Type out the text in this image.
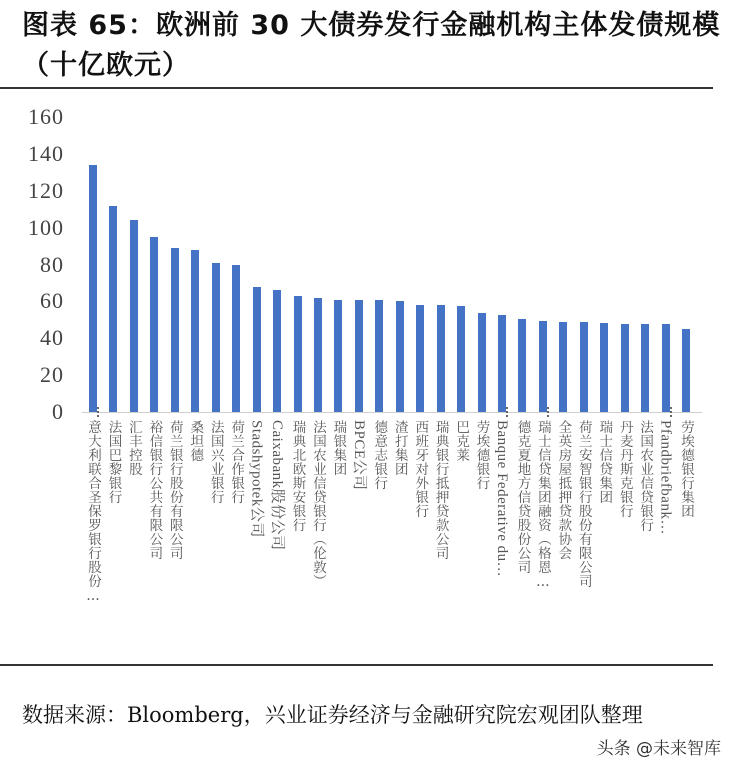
图表 65：欧洲前 30 大债券发行金融机构主体发债规模（十亿欧元）
0
20
40
60
80
100
120
140
160
意大利联合圣保罗银行股份… 法国巴黎银行 汇丰控股 裕信银行公共有限公司 荷兰银行股份有限公司 桑坦德 法国兴业银行 荷兰合作银行 Stadshypotek公司 Caixabank股份公司 瑞典北欧斯安银行 法国农业信贷银行（伦敦） 瑞银集团 BPCE公司 德意志银行 渣打集团 西班牙对外银行 瑞典银行抵押贷款公司 巴克莱 劳埃德银行 Banque Federative du… 德克夏地方信贷股份公司 瑞士信贷集团融资（格恩… 全英房屋抵押贷款协会 荷兰安智银行股份有限公司 瑞士信贷集团 丹麦丹斯克银行 法国农业信贷银行 Pfandbriefbank… 劳埃德银行集团
数据来源：Bloomberg，兴业证券经济与金融研究院宏观团队整理
头条 @未来智库
